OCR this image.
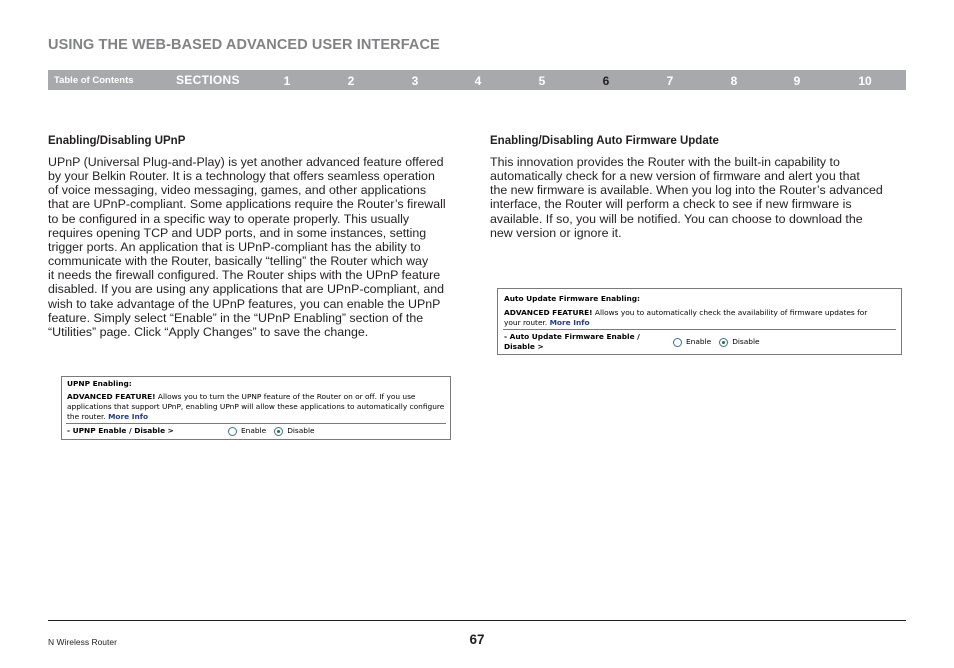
USING THE WEB-BASED ADVANCED USER INTERFACE
Table of Contents	SECTIONS	1	2	3	4	5	6	7	8	9	10
Enabling/Disabling UPnP
UPnP (Universal Plug-and-Play) is yet another advanced feature offered
by your Belkin Router. It is a technology that offers seamless operation
of voice messaging, video messaging, games, and other applications
that are UPnP-compliant. Some applications require the Router’s firewall
to be configured in a specific way to operate properly. This usually
requires opening TCP and UDP ports, and in some instances, setting
trigger ports. An application that is UPnP-compliant has the ability to
communicate with the Router, basically “telling” the Router which way
it needs the firewall configured. The Router ships with the UPnP feature
disabled. If you are using any applications that are UPnP-compliant, and
wish to take advantage of the UPnP features, you can enable the UPnP
feature. Simply select “Enable” in the “UPnP Enabling” section of the
“Utilities” page. Click “Apply Changes” to save the change.
UPNP Enabling:
ADVANCED FEATURE! Allows you to turn the UPNP feature of the Router on or off. If you use
applications that support UPnP, enabling UPnP will allow these applications to automatically configure
the router. More Info
- UPNP Enable / Disable >	Enable	Disable
Enabling/Disabling Auto Firmware Update
This innovation provides the Router with the built-in capability to
automatically check for a new version of firmware and alert you that
the new firmware is available. When you log into the Router’s advanced
interface, the Router will perform a check to see if new firmware is
available. If so, you will be notified. You can choose to download the
new version or ignore it.
Auto Update Firmware Enabling:
ADVANCED FEATURE! Allows you to automatically check the availability of firmware updates for
your router. More Info
- Auto Update Firmware Enable /
Disable >
Enable	Disable
N Wireless Router	67
